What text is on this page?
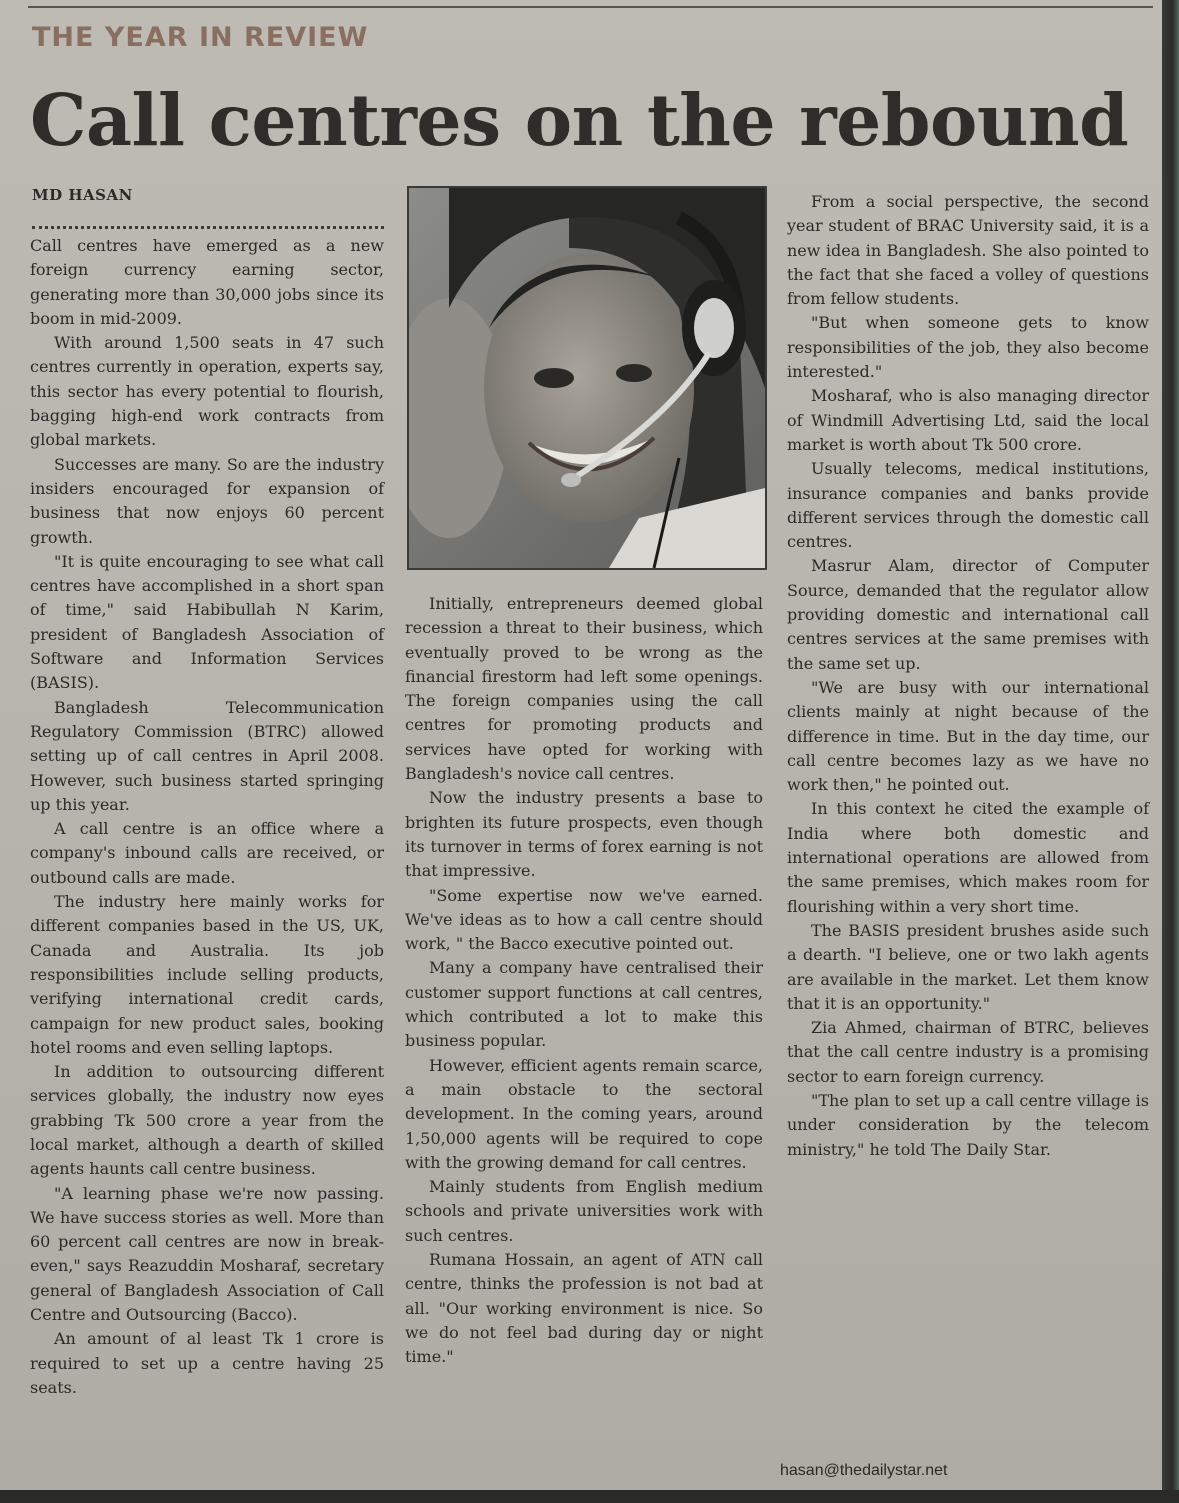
THE YEAR IN REVIEW
Call centres on the rebound
MD HASAN

Call centres have emerged as a new foreign currency earning sector, generating more than 30,000 jobs since its boom in mid-2009.

With around 1,500 seats in 47 such centres currently in operation, experts say, this sector has every potential to flourish, bagging high-end work contracts from global markets.

Successes are many. So are the industry insiders encouraged for expansion of business that now enjoys 60 percent growth.

"It is quite encouraging to see what call centres have accomplished in a short span of time," said Habibullah N Karim, president of Bangladesh Association of Software and Information Services (BASIS).

Bangladesh Telecommunication Regulatory Commission (BTRC) allowed setting up of call centres in April 2008. However, such business started springing up this year.

A call centre is an office where a company's inbound calls are received, or outbound calls are made.

The industry here mainly works for different companies based in the US, UK, Canada and Australia. Its job responsibilities include selling products, verifying international credit cards, campaign for new product sales, booking hotel rooms and even selling laptops.

In addition to outsourcing different services globally, the industry now eyes grabbing Tk 500 crore a year from the local market, although a dearth of skilled agents haunts call centre business.

"A learning phase we're now passing. We have success stories as well. More than 60 percent call centres are now in break-even," says Reazuddin Mosharaf, secretary general of Bangladesh Association of Call Centre and Outsourcing (Bacco).

An amount of al least Tk 1 crore is required to set up a centre having 25 seats.

Initially, entrepreneurs deemed global recession a threat to their business, which eventually proved to be wrong as the financial firestorm had left some openings. The foreign companies using the call centres for promoting products and services have opted for working with Bangladesh's novice call centres.

Now the industry presents a base to brighten its future prospects, even though its turnover in terms of forex earning is not that impressive.

"Some expertise now we've earned. We've ideas as to how a call centre should work, " the Bacco executive pointed out.

Many a company have centralised their customer support functions at call centres, which contributed a lot to make this business popular.

However, efficient agents remain scarce, a main obstacle to the sectoral development. In the coming years, around 1,50,000 agents will be required to cope with the growing demand for call centres.

Mainly students from English medium schools and private universities work with such centres.

Rumana Hossain, an agent of ATN call centre, thinks the profession is not bad at all. "Our working environment is nice. So we do not feel bad during day or night time."

From a social perspective, the second year student of BRAC University said, it is a new idea in Bangladesh. She also pointed to the fact that she faced a volley of questions from fellow students.

"But when someone gets to know responsibilities of the job, they also become interested."

Mosharaf, who is also managing director of Windmill Advertising Ltd, said the local market is worth about Tk 500 crore.

Usually telecoms, medical institutions, insurance companies and banks provide different services through the domestic call centres.

Masrur Alam, director of Computer Source, demanded that the regulator allow providing domestic and international call centres services at the same premises with the same set up.

"We are busy with our international clients mainly at night because of the difference in time. But in the day time, our call centre becomes lazy as we have no work then," he pointed out.

In this context he cited the example of India where both domestic and international operations are allowed from the same premises, which makes room for flourishing within a very short time.

The BASIS president brushes aside such a dearth. "I believe, one or two lakh agents are available in the market. Let them know that it is an opportunity."

Zia Ahmed, chairman of BTRC, believes that the call centre industry is a promising sector to earn foreign currency.

"The plan to set up a call centre village is under consideration by the telecom ministry," he told The Daily Star.

hasan@thedailystar.net
